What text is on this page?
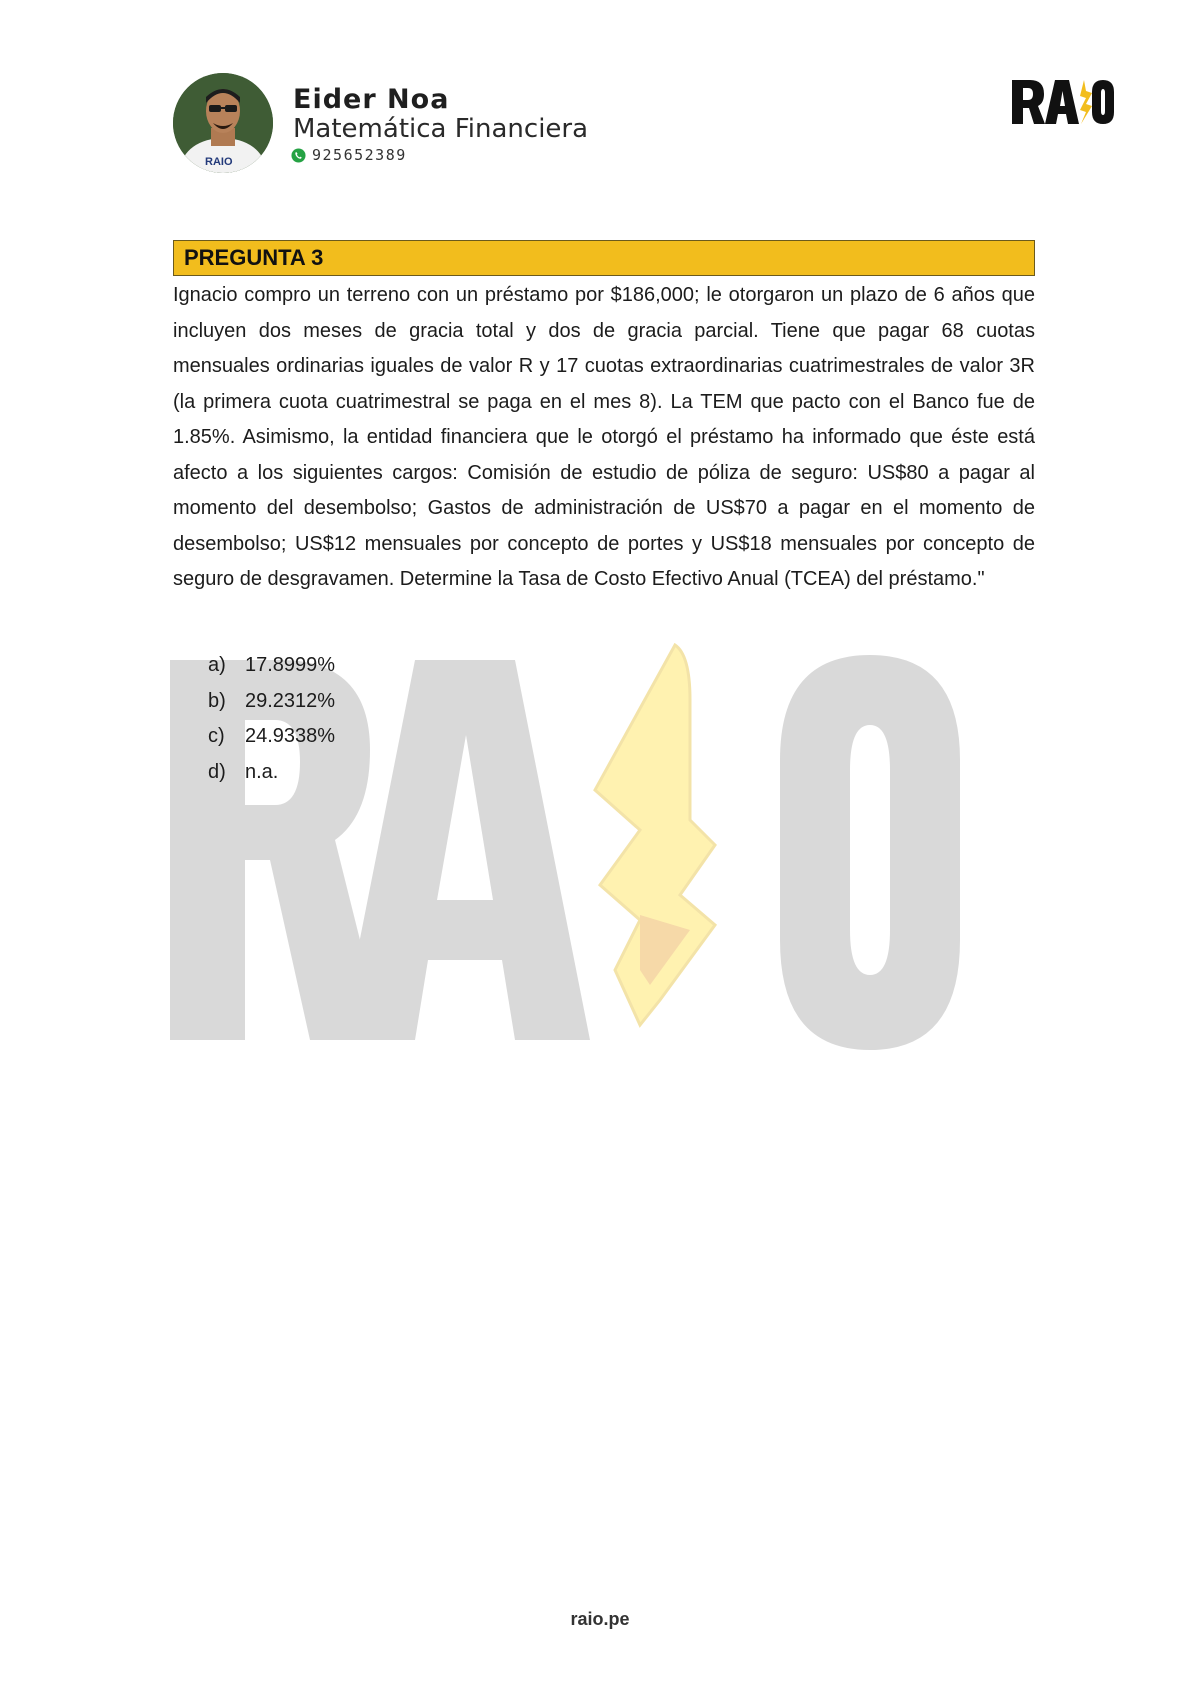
RAIO
Eider Noa
Matemática Financiera
925652389
PREGUNTA 3

Ignacio compro un terreno con un préstamo por $186,000; le otorgaron un plazo de 6 años que incluyen dos meses de gracia total y dos de gracia parcial. Tiene que pagar 68 cuotas mensuales ordinarias iguales de valor R y 17 cuotas extraordinarias cuatrimestrales de valor 3R (la primera cuota cuatrimestral se paga en el mes 8). La TEM que pacto con el Banco fue de 1.85%. Asimismo, la entidad financiera que le otorgó el préstamo ha informado que éste está afecto a los siguientes cargos: Comisión de estudio de póliza de seguro: US$80 a pagar al momento del desembolso; Gastos de administración de US$70 a pagar en el momento de desembolso; US$12 mensuales por concepto de portes y US$18 mensuales por concepto de seguro de desgravamen. Determine la Tasa de Costo Efectivo Anual (TCEA) del préstamo."

a) 17.8999%
b) 29.2312%
c)	24.9338%
d) n.a.
raio.pe
